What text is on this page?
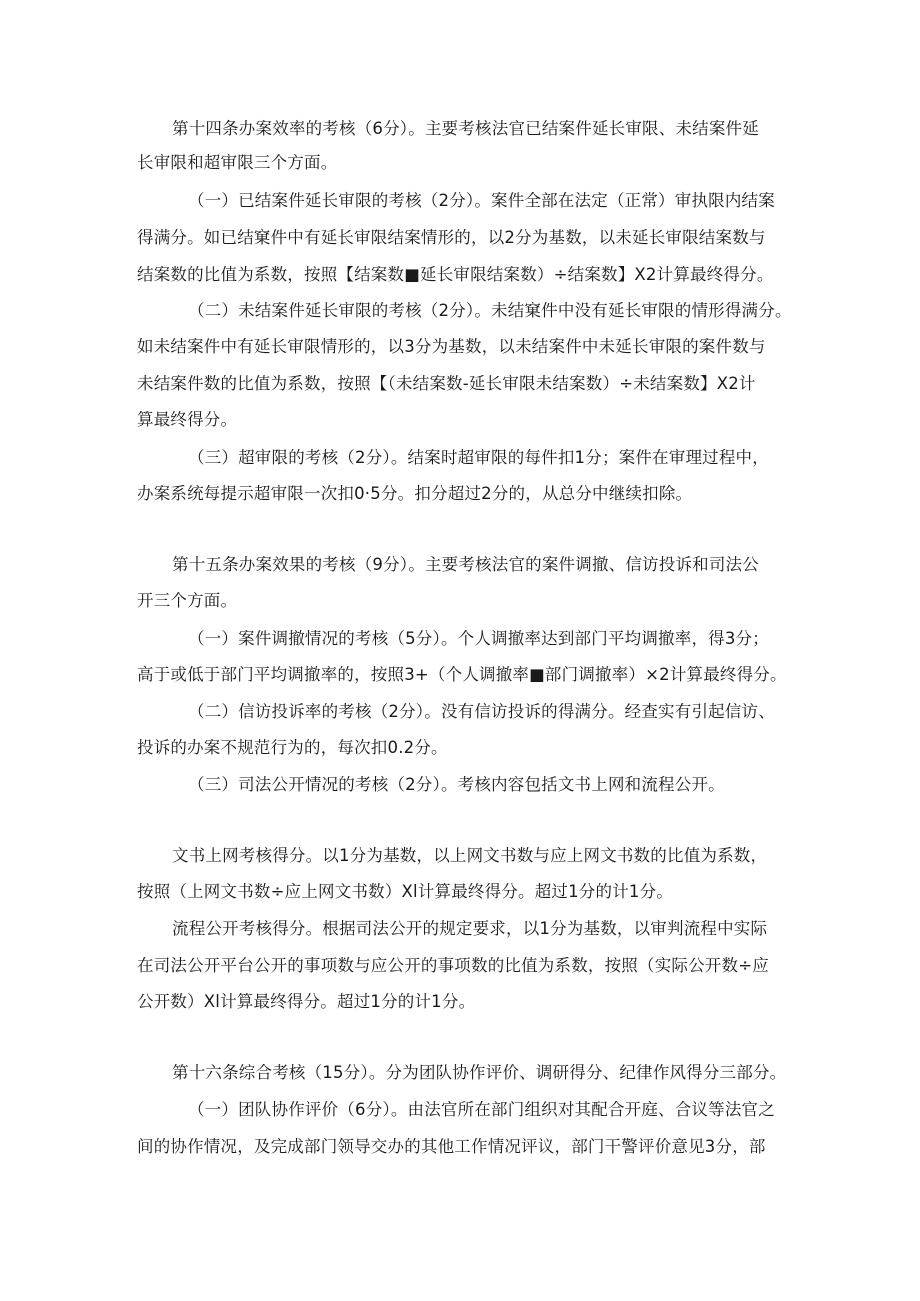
第十四条办案效率的考核（6分）。主要考核法官已结案件延长审限、未结案件延
长审限和超审限三个方面。
（一）已结案件延长审限的考核（2分）。案件全部在法定（正常）审执限内结案
得满分。如已结窠件中有延长审限结案情形的，以2分为基数，以未延长审限结案数与
结案数的比值为系数，按照【结案数■延长审限结案数）÷结案数】X2计算最终得分。
（二）未结案件延长审限的考核（2分）。未结窠件中没有延长审限的情形得满分。
如未结案件中有延长审限情形的，以3分为基数，以未结案件中未延长审限的案件数与
未结案件数的比值为系数，按照【（未结案数-延长审限未结案数）÷未结案数】X2计
算最终得分。
（三）超审限的考核（2分）。结案时超审限的每件扣1分；案件在审理过程中，
办案系统每提示超审限一次扣0·5分。扣分超过2分的，从总分中继续扣除。
第十五条办案效果的考核（9分）。主要考核法官的案件调撤、信访投诉和司法公
开三个方面。
（一）案件调撤情况的考核（5分）。个人调撤率达到部门平均调撤率，得3分；
高于或低于部门平均调撤率的，按照3+（个人调撤率■部门调撤率）×2计算最终得分。
（二）信访投诉率的考核（2分）。没有信访投诉的得满分。经查实有引起信访、
投诉的办案不规范行为的，每次扣0.2分。
（三）司法公开情况的考核（2分）。考核内容包括文书上网和流程公开。
文书上网考核得分。以1分为基数，以上网文书数与应上网文书数的比值为系数，
按照（上网文书数÷应上网文书数）Xl计算最终得分。超过1分的计1分。
流程公开考核得分。根据司法公开的规定要求，以1分为基数，以审判流程中实际
在司法公开平台公开的事项数与应公开的事项数的比值为系数，按照（实际公开数÷应
公开数）Xl计算最终得分。超过1分的计1分。
第十六条综合考核（15分）。分为团队协作评价、调研得分、纪律作风得分三部分。
（一）团队协作评价（6分）。由法官所在部门组织对其配合开庭、合议等法官之
间的协作情况，及完成部门领导交办的其他工作情况评议，部门干警评价意见3分，部
